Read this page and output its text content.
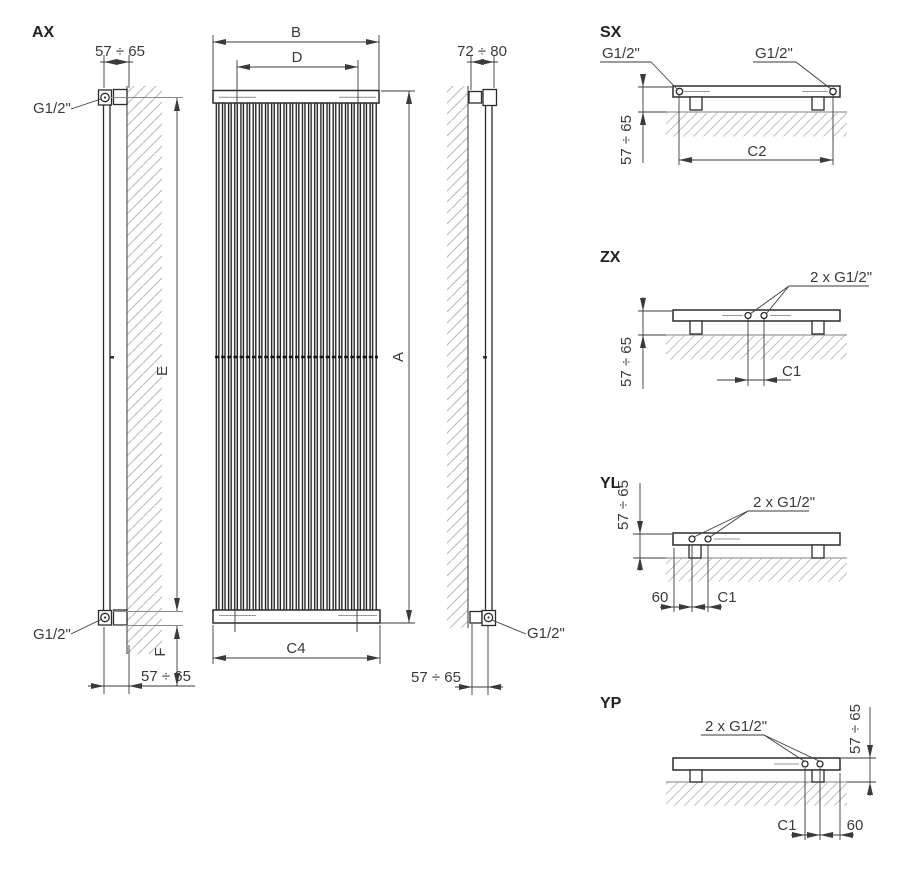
AX
G1/2"
G1/2"
57 ÷ 65
E
F
57 ÷ 65
B
D
A
C4
72 ÷ 80
G1/2"
57 ÷ 65
SX
G1/2"	G1/2"
57 ÷ 65	C2
ZX
2 x G1/2"
57 ÷ 65	C1
YL
2 x G1/2"
57 ÷ 65
60	C1
YP
2 x G1/2"	57 ÷ 65
C1	60
